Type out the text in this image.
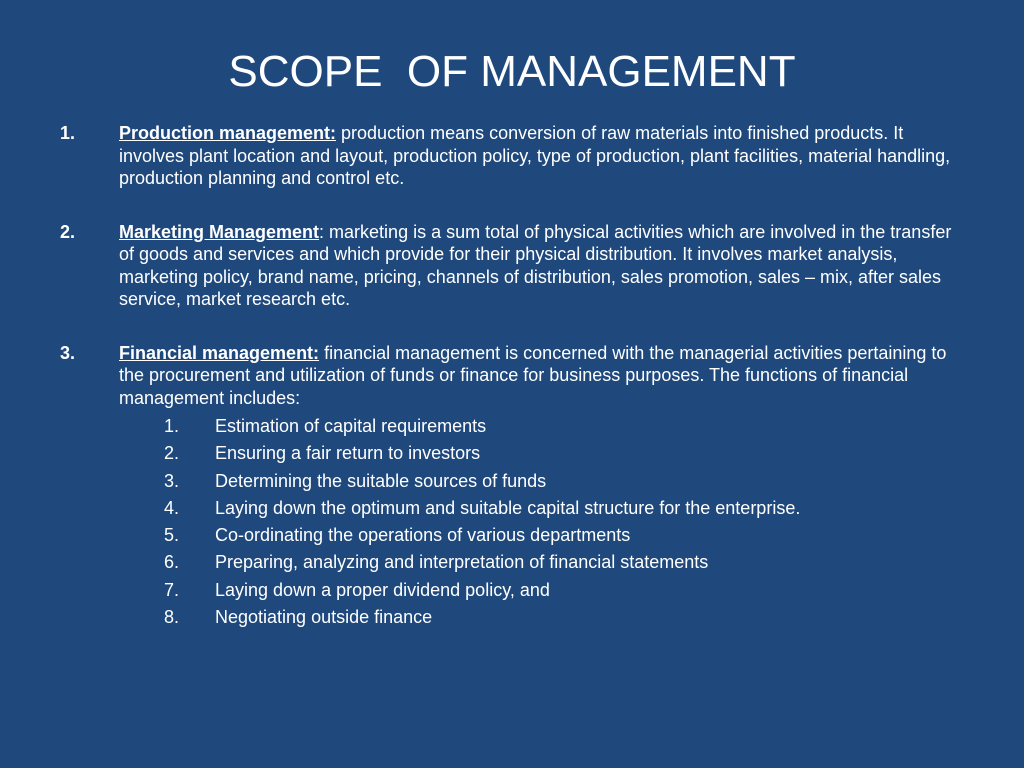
SCOPE  OF MANAGEMENT
1. Production management: production means conversion of raw materials into finished products. It involves plant location and layout, production policy, type of production, plant facilities, material handling, production planning and control etc.
2. Marketing Management: marketing is a sum total of physical activities which are involved in the transfer of goods and services and which provide for their physical distribution. It involves market analysis, marketing policy, brand name, pricing, channels of distribution, sales promotion, sales – mix, after sales service, market research etc.
3. Financial management: financial management is concerned with the managerial activities pertaining to the procurement and utilization of funds or finance for business purposes. The functions of financial management includes:
1. Estimation of capital requirements
2. Ensuring a fair return to investors
3. Determining the suitable sources of funds
4. Laying down the optimum and suitable capital structure for the enterprise.
5. Co-ordinating the operations of various departments
6. Preparing, analyzing and interpretation of financial statements
7. Laying down a proper dividend policy, and
8. Negotiating outside finance
